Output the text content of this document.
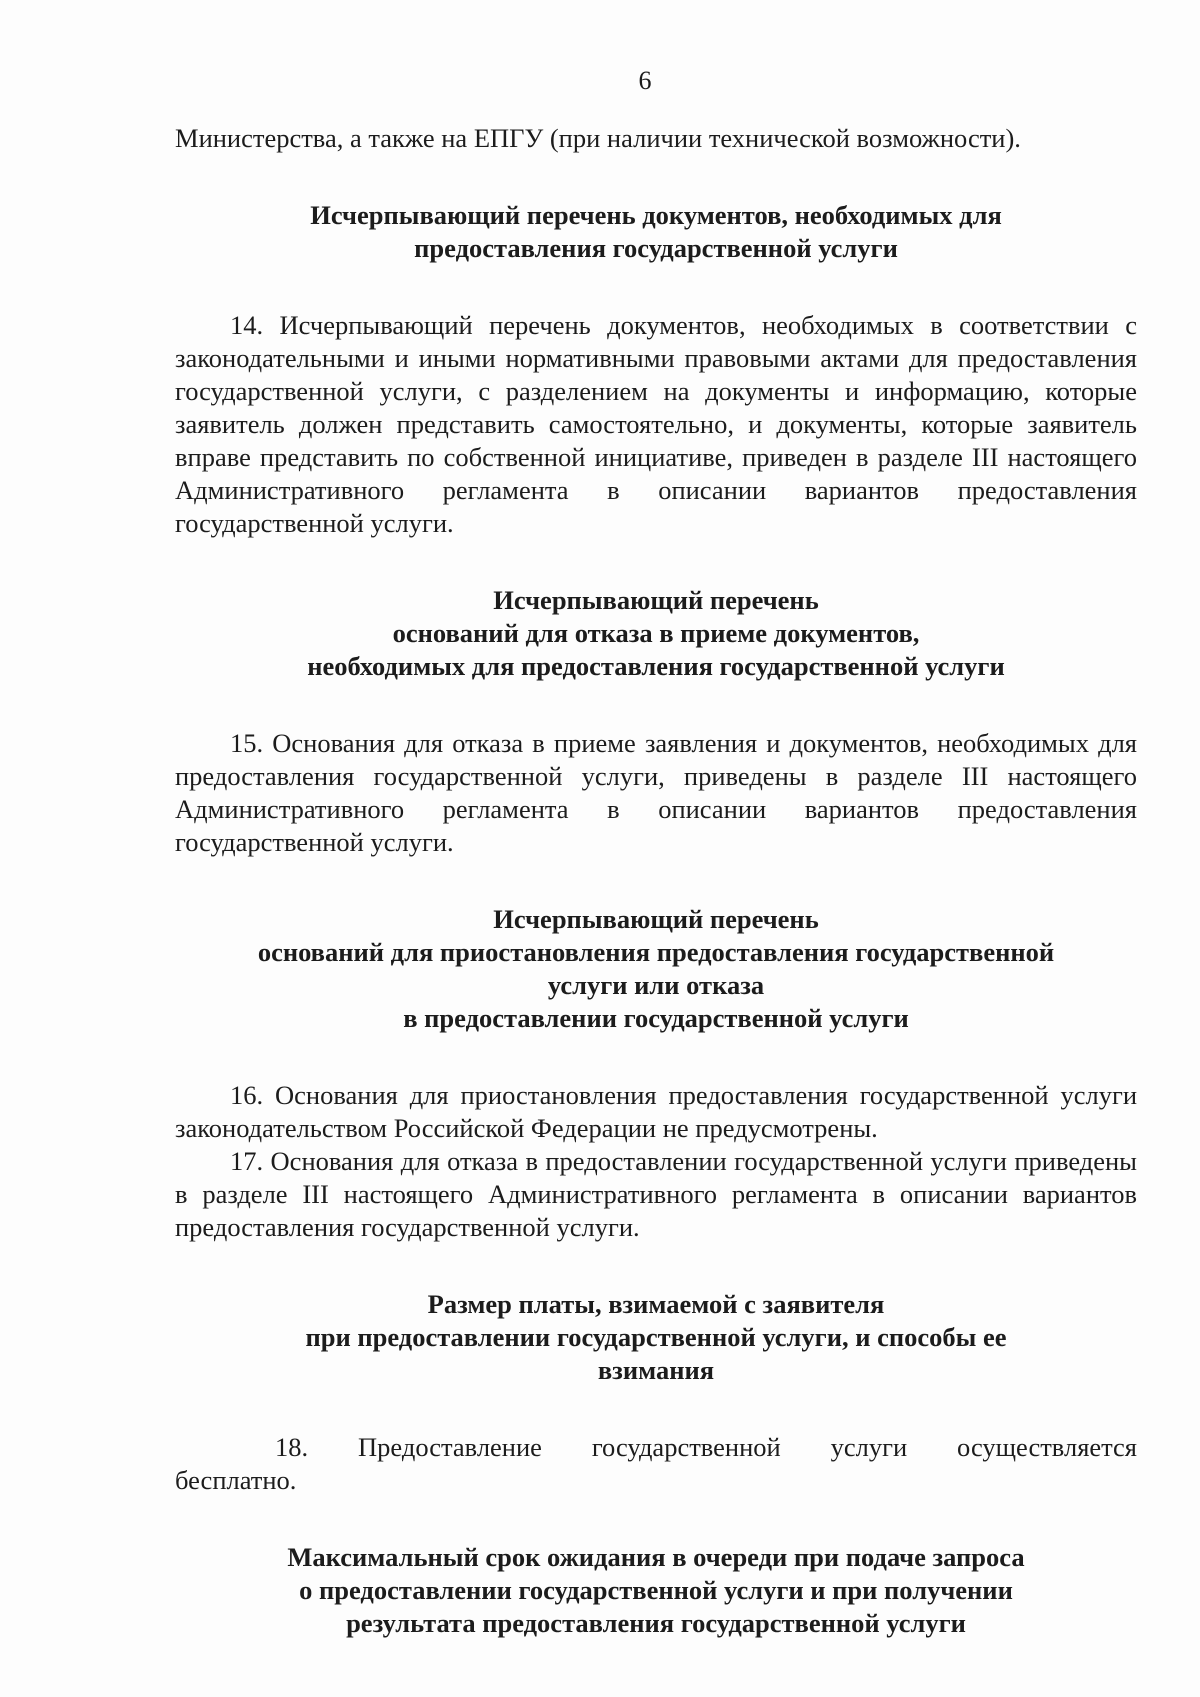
6

Министерства, а также на ЕПГУ (при наличии технической возможности).

Исчерпывающий перечень документов, необходимых для
предоставления государственной услуги

14. Исчерпывающий перечень документов, необходимых в соответствии с законодательными и иными нормативными правовыми актами для предоставления государственной услуги, с разделением на документы и информацию, которые заявитель должен представить самостоятельно, и документы, которые заявитель вправе представить по собственной инициативе, приведен в разделе III настоящего Административного регламента в описании вариантов предоставления государственной услуги.

Исчерпывающий перечень
оснований для отказа в приеме документов,
необходимых для предоставления государственной услуги

15. Основания для отказа в приеме заявления и документов, необходимых для предоставления государственной услуги, приведены в разделе III настоящего Административного регламента в описании вариантов предоставления государственной услуги.

Исчерпывающий перечень
оснований для приостановления предоставления государственной
услуги или отказа
в предоставлении государственной услуги

16. Основания для приостановления предоставления государственной услуги законодательством Российской Федерации не предусмотрены.

17. Основания для отказа в предоставлении государственной услуги приведены в разделе III настоящего Административного регламента в описании вариантов предоставления государственной услуги.

Размер платы, взимаемой с заявителя
при предоставлении государственной услуги, и способы ее
взимания

18. Предоставление государственной услуги осуществляется

бесплатно.

Максимальный срок ожидания в очереди при подаче запроса
о предоставлении государственной услуги и при получении
результата предоставления государственной услуги
